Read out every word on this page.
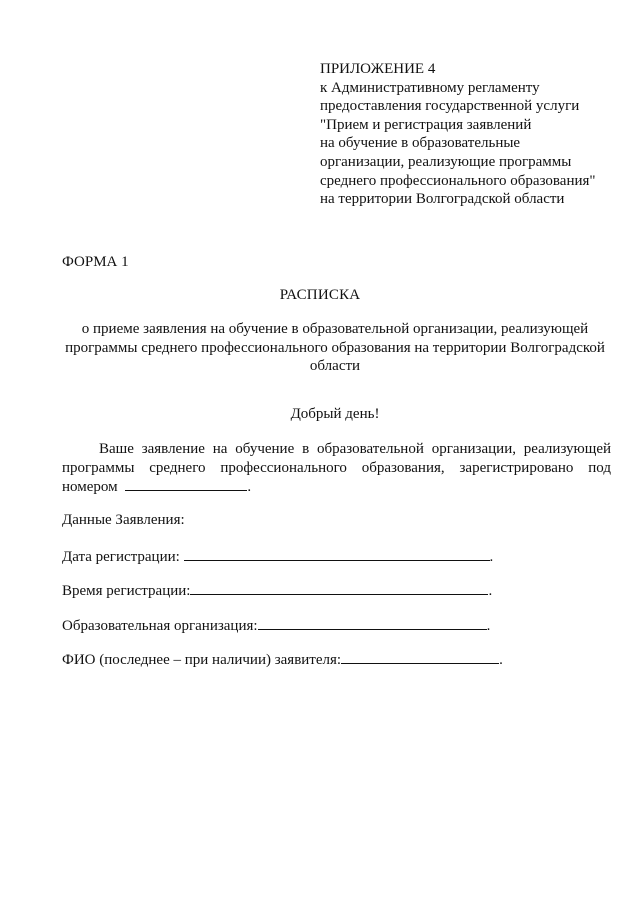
ПРИЛОЖЕНИЕ 4
к Административному регламенту
предоставления государственной услуги
"Прием и регистрация заявлений
на обучение в образовательные
организации, реализующие программы
среднего профессионального образования"
на территории Волгоградской области
ФОРМА 1
РАСПИСКА
о приеме заявления на обучение в образовательной организации, реализующей программы среднего профессионального образования на территории Волгоградской области
Добрый день!
Ваше заявление на обучение в образовательной организации, реализующей программы среднего профессионального образования, зарегистрировано под номером	.
Данные Заявления:
Дата регистрации:	.
Время регистрации:	.
Образовательная организация:	.
ФИО (последнее – при наличии) заявителя:	.
